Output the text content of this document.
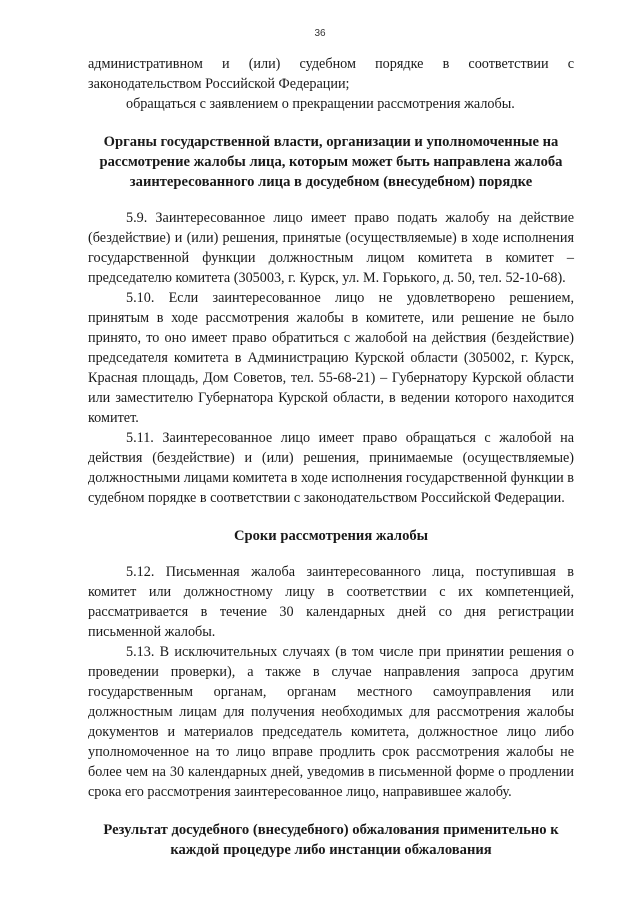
36

административном и (или) судебном порядке в соответствии с законодательством Российской Федерации;

обращаться с заявлением о прекращении рассмотрения жалобы.

Органы государственной власти, организации и уполномоченные на рассмотрение жалобы лица, которым может быть направлена жалоба заинтересованного лица в досудебном (внесудебном) порядке

5.9. Заинтересованное лицо имеет право подать жалобу на действие (бездействие) и (или) решения, принятые (осуществляемые) в ходе исполнения государственной функции должностным лицом комитета в комитет – председателю комитета (305003, г. Курск, ул. М. Горького, д. 50, тел. 52-10-68).

5.10. Если заинтересованное лицо не удовлетворено решением, принятым в ходе рассмотрения жалобы в комитете, или решение не было принято, то оно имеет право обратиться с жалобой на действия (бездействие) председателя комитета в Администрацию Курской области (305002, г. Курск, Красная площадь, Дом Советов, тел. 55-68-21) – Губернатору Курской области или заместителю Губернатора Курской области, в ведении которого находится комитет.

5.11. Заинтересованное лицо имеет право обращаться с жалобой на действия (бездействие) и (или) решения, принимаемые (осуществляемые) должностными лицами комитета в ходе исполнения государственной функции в судебном порядке в соответствии с законодательством Российской Федерации.

Сроки рассмотрения жалобы

5.12. Письменная жалоба заинтересованного лица, поступившая в комитет или должностному лицу в соответствии с их компетенцией, рассматривается в течение 30 календарных дней со дня регистрации письменной жалобы.

5.13. В исключительных случаях (в том числе при принятии решения о проведении проверки), а также в случае направления запроса другим государственным органам, органам местного самоуправления или должностным лицам для получения необходимых для рассмотрения жалобы документов и материалов председатель комитета, должностное лицо либо уполномоченное на то лицо вправе продлить срок рассмотрения жалобы не более чем на 30 календарных дней, уведомив в письменной форме о продлении срока его рассмотрения заинтересованное лицо, направившее жалобу.

Результат досудебного (внесудебного) обжалования применительно к каждой процедуре либо инстанции обжалования
